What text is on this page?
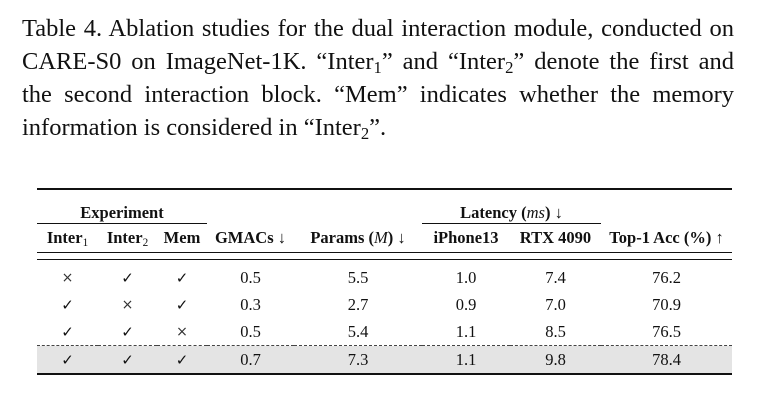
Table 4. Ablation studies for the dual interaction module, conducted on CARE-S0 on ImageNet-1K. “Inter$_1$” and “Inter$_2$” denote the first and the second interaction block. “Mem” indicates whether the memory information is considered in “Inter$_2$”.

Experiment					Latency (ms) ↓		
Inter$_1$	Inter$_2$	Mem	GMACs ↓	Params (M) ↓	iPhone13	RTX 4090	Top-1 Acc (%) ↑

×	✓	✓	0.5	5.5	1.0	7.4	76.2
✓	×	✓	0.3	2.7	0.9	7.0	70.9
✓	✓	×	0.5	5.4	1.1	8.5	76.5
✓	✓	✓	0.7	7.3	1.1	9.8	78.4
